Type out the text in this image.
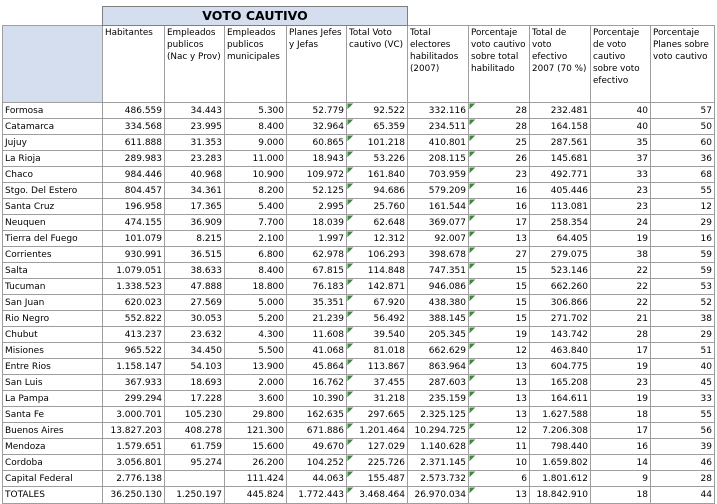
	VOTO CAUTIVO									
	Habitantes	Empleados publicos (Nac y Prov)	Empleados publicos municipales	Planes Jefes y Jefas	Total Voto cautivo (VC)	Total electores habilitados (2007)	Porcentaje voto cautivo sobre total habilitado	Total de voto efectivo 2007 (70 %)	Porcentaje de voto cautivo sobre voto efectivo	Porcentaje Planes sobre voto cautivo
Formosa	486.559	34.443	5.300	52.779	92.522	332.116	28	232.481	40	57
Catamarca	334.568	23.995	8.400	32.964	65.359	234.511	28	164.158	40	50
Jujuy	611.888	31.353	9.000	60.865	101.218	410.801	25	287.561	35	60
La Rioja	289.983	23.283	11.000	18.943	53.226	208.115	26	145.681	37	36
Chaco	984.446	40.968	10.900	109.972	161.840	703.959	23	492.771	33	68
Stgo. Del Estero	804.457	34.361	8.200	52.125	94.686	579.209	16	405.446	23	55
Santa Cruz	196.958	17.365	5.400	2.995	25.760	161.544	16	113.081	23	12
Neuquen	474.155	36.909	7.700	18.039	62.648	369.077	17	258.354	24	29
Tierra del Fuego	101.079	8.215	2.100	1.997	12.312	92.007	13	64.405	19	16
Corrientes	930.991	36.515	6.800	62.978	106.293	398.678	27	279.075	38	59
Salta	1.079.051	38.633	8.400	67.815	114.848	747.351	15	523.146	22	59
Tucuman	1.338.523	47.888	18.800	76.183	142.871	946.086	15	662.260	22	53
San Juan	620.023	27.569	5.000	35.351	67.920	438.380	15	306.866	22	52
Rio Negro	552.822	30.053	5.200	21.239	56.492	388.145	15	271.702	21	38
Chubut	413.237	23.632	4.300	11.608	39.540	205.345	19	143.742	28	29
Misiones	965.522	34.450	5.500	41.068	81.018	662.629	12	463.840	17	51
Entre Rios	1.158.147	54.103	13.900	45.864	113.867	863.964	13	604.775	19	40
San Luis	367.933	18.693	2.000	16.762	37.455	287.603	13	165.208	23	45
La Pampa	299.294	17.228	3.600	10.390	31.218	235.159	13	164.611	19	33
Santa Fe	3.000.701	105.230	29.800	162.635	297.665	2.325.125	13	1.627.588	18	55
Buenos Aires	13.827.203	408.278	121.300	671.886	1.201.464	10.294.725	12	7.206.308	17	56
Mendoza	1.579.651	61.759	15.600	49.670	127.029	1.140.628	11	798.440	16	39
Cordoba	3.056.801	95.274	26.200	104.252	225.726	2.371.145	10	1.659.802	14	46
Capital Federal	2.776.138		111.424	44.063	155.487	2.573.732	6	1.801.612	9	28
TOTALES	36.250.130	1.250.197	445.824	1.772.443	3.468.464	26.970.034	13	18.842.910	18	44
